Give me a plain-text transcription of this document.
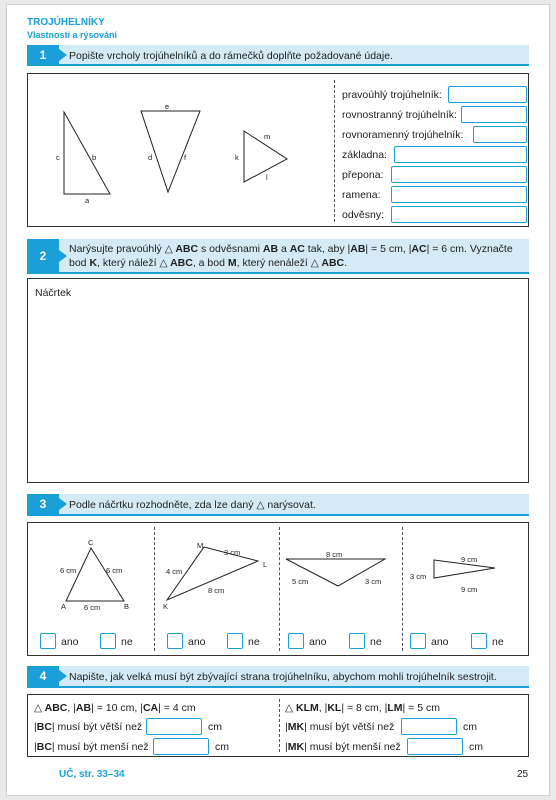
TROJÚHELNÍKY
Vlastnosti a rýsování
1	Popište vrcholy trojúhelníků a do rámečků doplňte požadované údaje.
c	b
a
e
d	f
m
k
l
pravoúhlý trojúhelník:
rovnostranný trojúhelník:
rovnoramenný trojúhelník:
základna:
přepona:
ramena:
odvěsny:
2	Narýsujte pravoúhlý △ ABC s odvěsnami AB a AC tak, aby |AB| = 5 cm, |AC| = 6 cm. Vyznačte
bod K, který náleží △ ABC, a bod M, který nenáleží △ ABC.
Náčrtek
3	Podle náčrtku rozhodněte, zda lze daný △ narýsovat.
C
A	B
6 cm	6 cm
6 cm
M
L
K
3 cm
4 cm
8 cm
8 cm
5 cm	3 cm
9 cm
3 cm
9 cm
ano	ne	ano	ne	ano	ne	ano	ne
4	Napište, jak velká musí být zbývající strana trojúhelníku, abychom mohli trojúhelník sestrojit.
△ ABC, |AB| = 10 cm, |CA| = 4 cm
|BC| musí být větší než	cm
|BC| musí být menší než	cm
△ KLM, |KL| = 8 cm, |LM| = 5 cm
|MK| musí být větší než	cm
|MK| musí být menší než	cm
UČ, str. 33–34	25
